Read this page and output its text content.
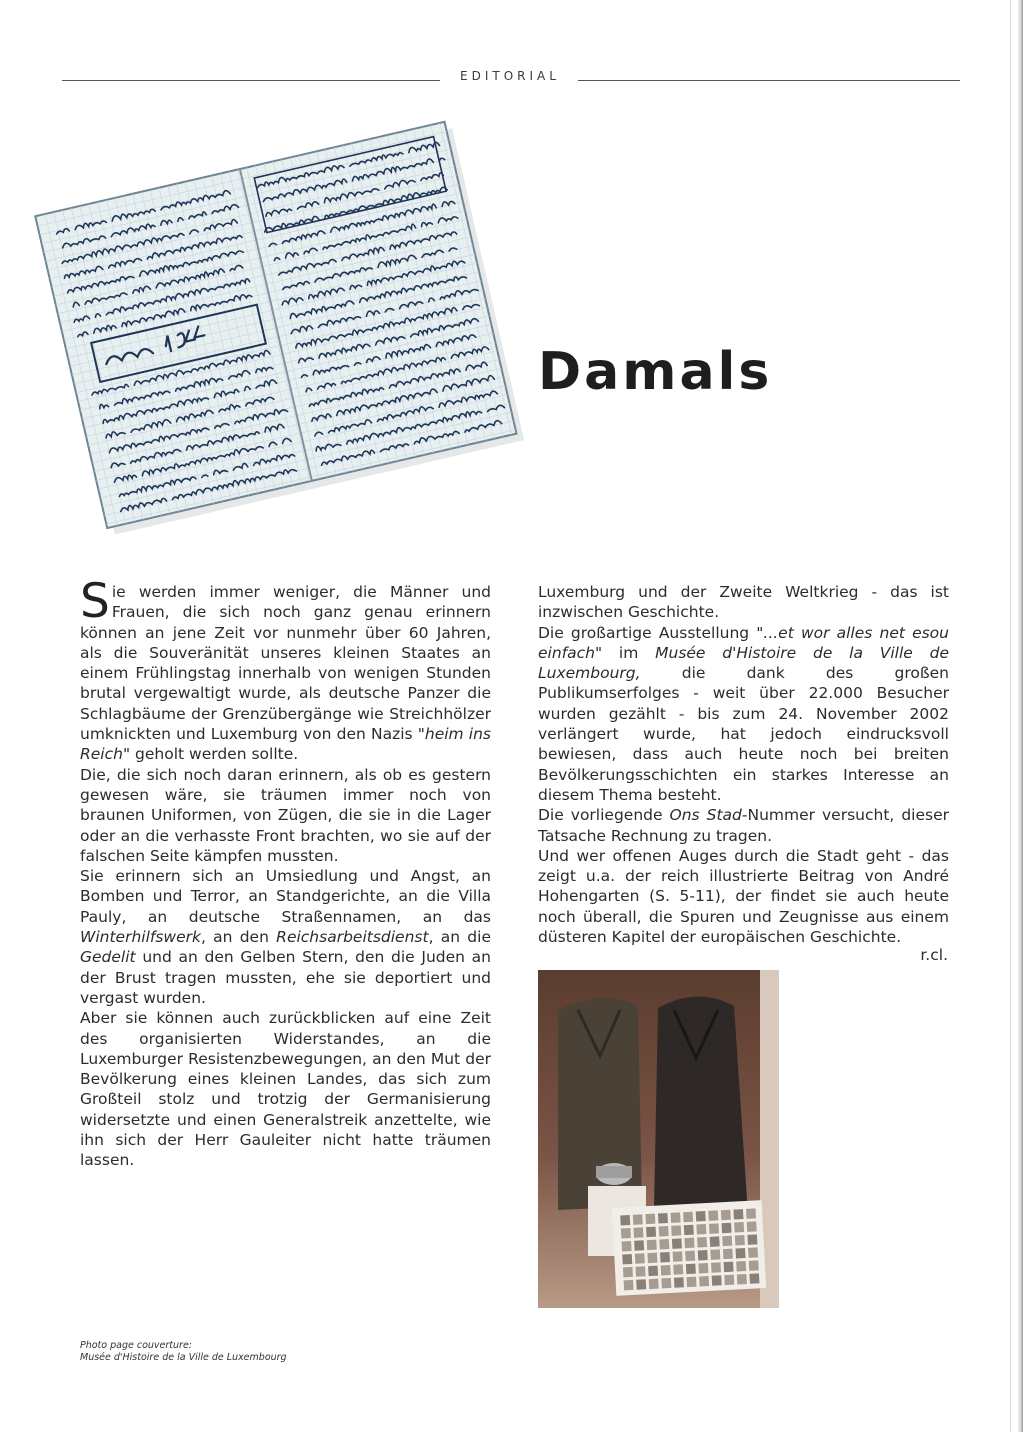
EDITORIAL
Damals

Sie werden immer weniger, die Männer und Frauen, die sich noch ganz genau erinnern können an jene Zeit vor nunmehr über 60 Jahren, als die Souveränität unseres kleinen Staates an einem Frühlingstag innerhalb von wenigen Stunden brutal vergewaltigt wurde, als deutsche Panzer die Schlagbäume der Grenzübergänge wie Streichhölzer umknickten und Luxemburg von den Nazis "heim ins Reich" geholt werden sollte.

Die, die sich noch daran erinnern, als ob es gestern gewesen wäre, sie träumen immer noch von braunen Uniformen, von Zügen, die sie in die Lager oder an die verhasste Front brachten, wo sie auf der falschen Seite kämpfen mussten.

Sie erinnern sich an Umsiedlung und Angst, an Bomben und Terror, an Standgerichte, an die Villa Pauly, an deutsche Straßennamen, an das Winterhilfswerk, an den Reichsarbeitsdienst, an die Gedelit und an den Gelben Stern, den die Juden an der Brust tragen mussten, ehe sie deportiert und vergast wurden.

Aber sie können auch zurückblicken auf eine Zeit des organisierten Widerstandes, an die Luxemburger Resistenzbewegungen, an den Mut der Bevölkerung eines kleinen Landes, das sich zum Großteil stolz und trotzig der Germanisierung widersetzte und einen Generalstreik anzettelte, wie ihn sich der Herr Gauleiter nicht hatte träumen lassen.

Luxemburg und der Zweite Weltkrieg - das ist inzwischen Geschichte.

Die großartige Ausstellung "...et wor alles net esou einfach" im Musée d'Histoire de la Ville de Luxembourg, die dank des großen Publikumserfolges - weit über 22.000 Besucher wurden gezählt - bis zum 24. November 2002 verlängert wurde, hat jedoch eindrucksvoll bewiesen, dass auch heute noch bei breiten Bevölkerungsschichten ein starkes Interesse an diesem Thema besteht.

Die vorliegende Ons Stad-Nummer versucht, dieser Tatsache Rechnung zu tragen.

Und wer offenen Auges durch die Stadt geht - das zeigt u.a. der reich illustrierte Beitrag von André Hohengarten (S. 5-11), der findet sie auch heute noch überall, die Spuren und Zeugnisse aus einem düsteren Kapitel der europäischen Geschichte.

r.cl.
Photo page couverture:
Musée d'Histoire de la Ville de Luxembourg
